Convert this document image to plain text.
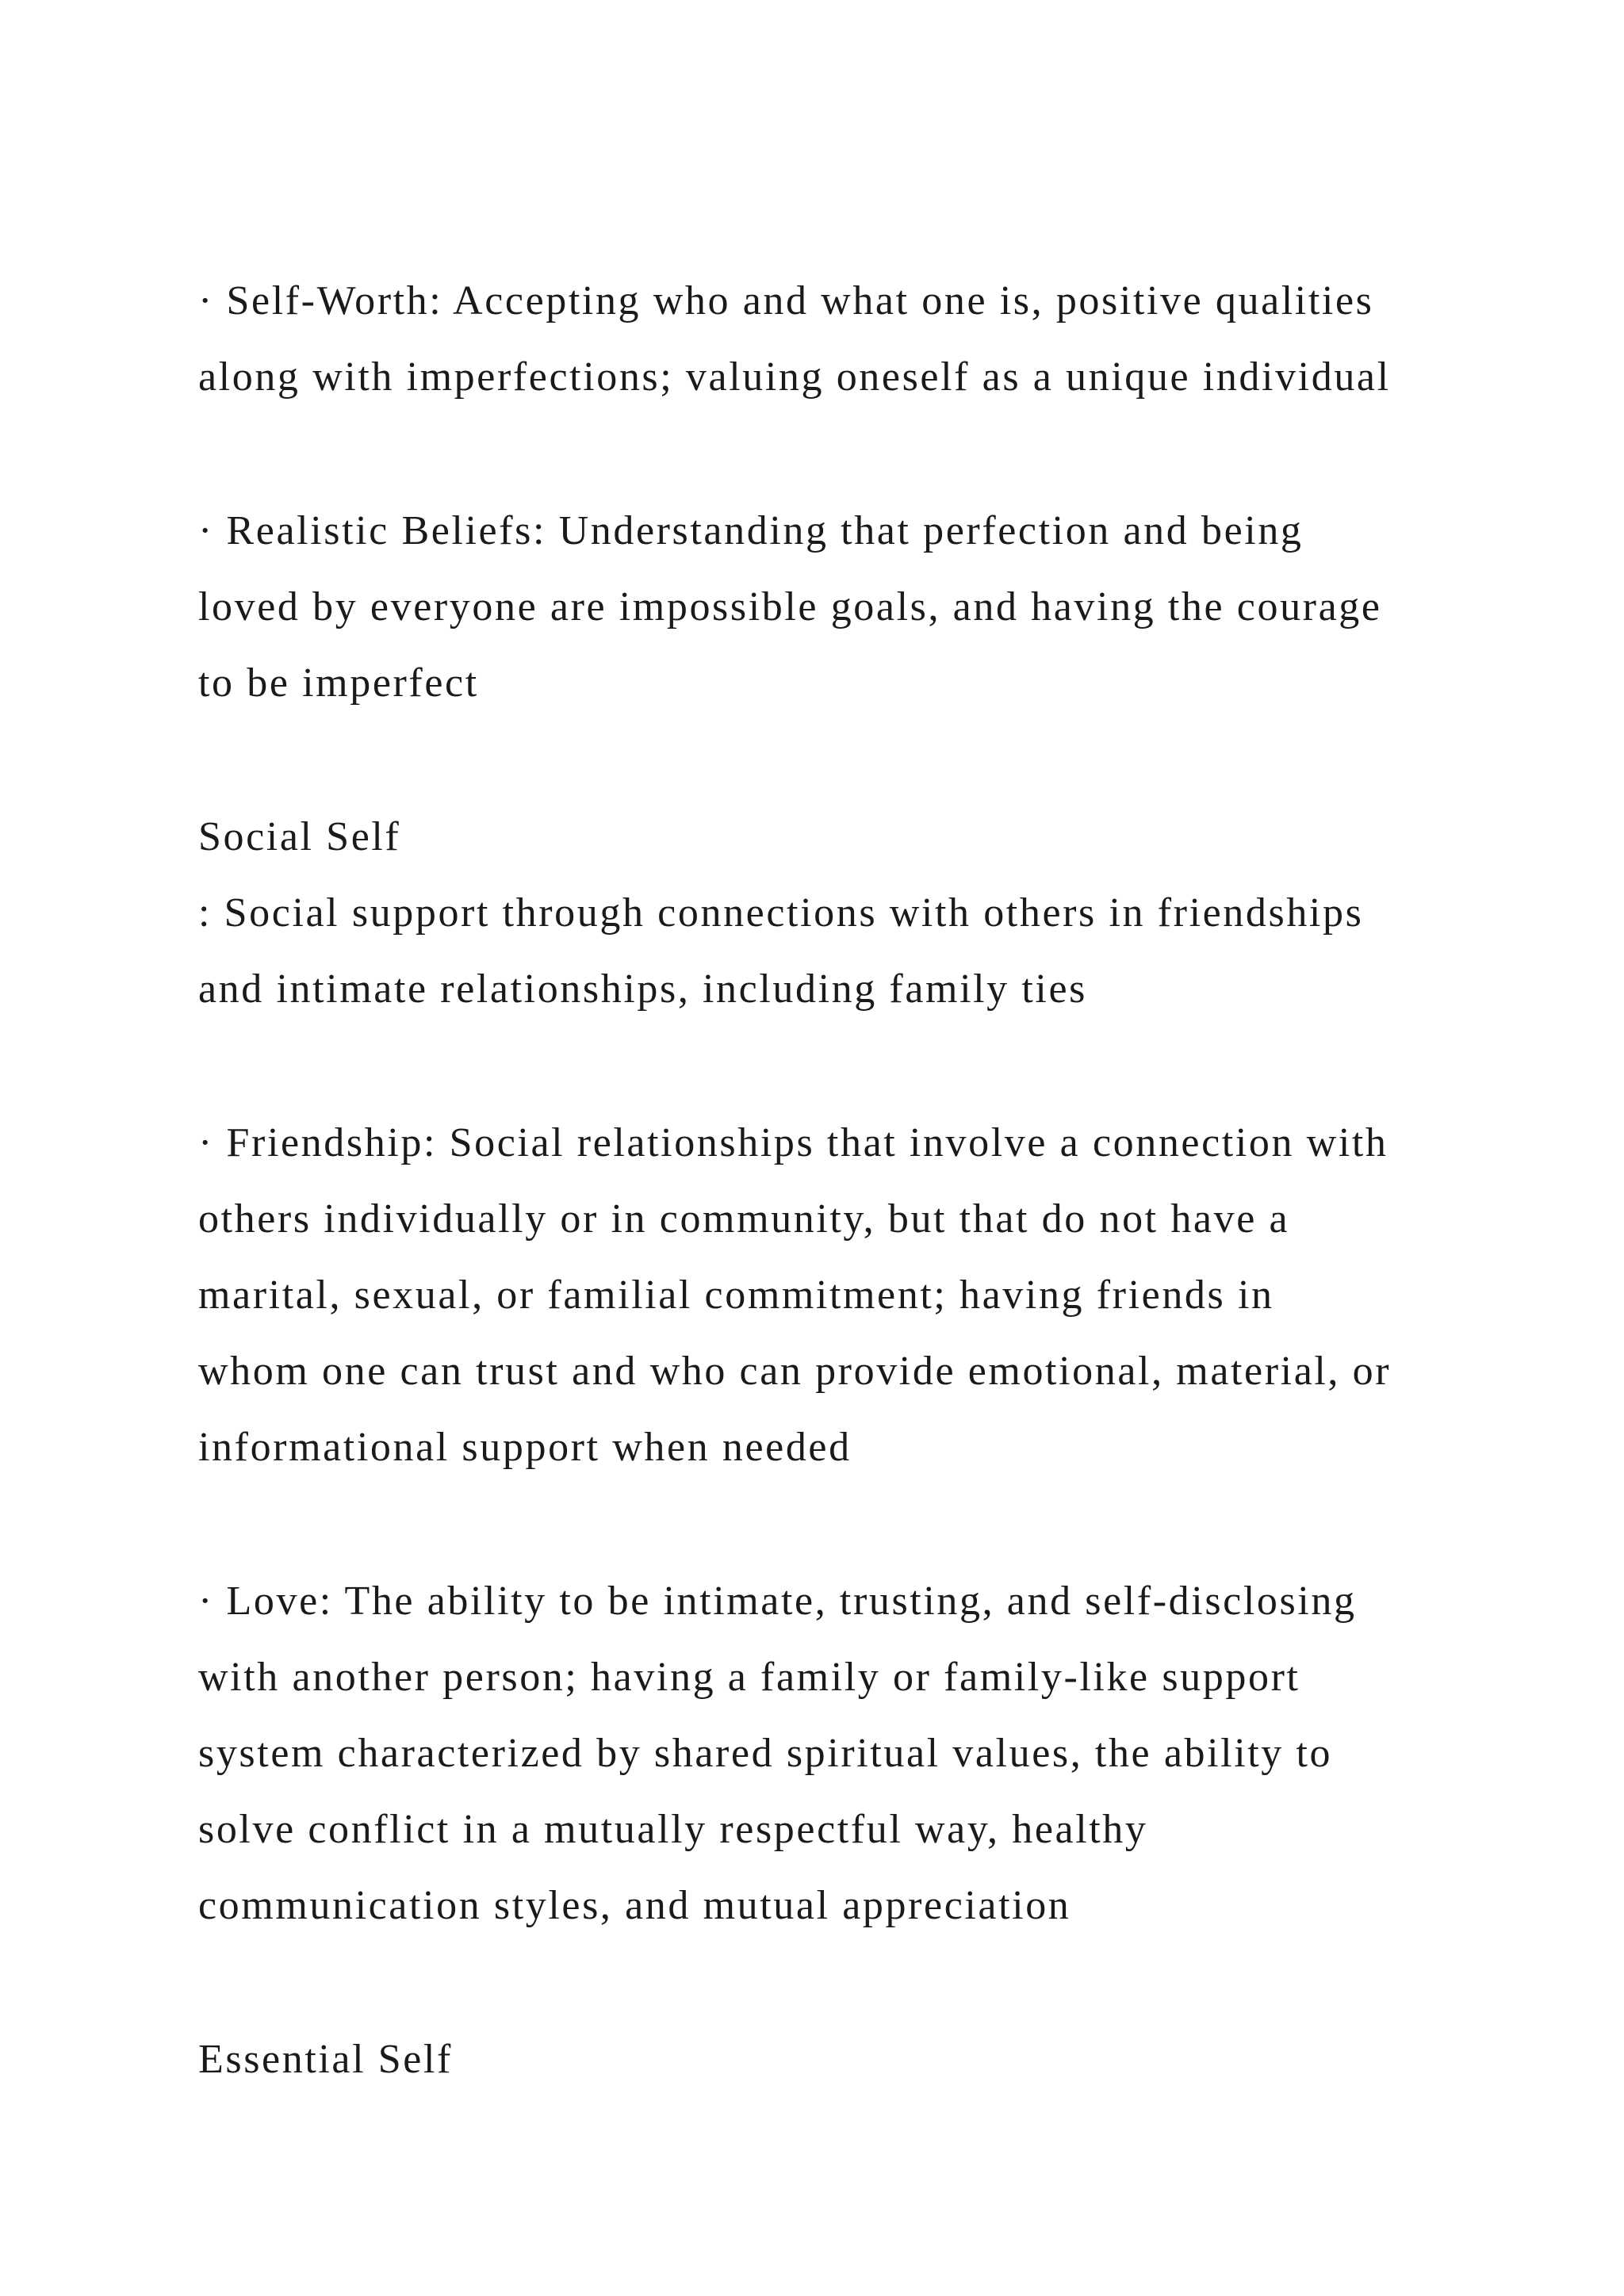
· Self-Worth: Accepting who and what one is, positive qualities
along with imperfections; valuing oneself as a unique individual
· Realistic Beliefs: Understanding that perfection and being
loved by everyone are impossible goals, and having the courage
to be imperfect
Social Self
: Social support through connections with others in friendships
and intimate relationships, including family ties
· Friendship: Social relationships that involve a connection with
others individually or in community, but that do not have a
marital, sexual, or familial commitment; having friends in
whom one can trust and who can provide emotional, material, or
informational support when needed
· Love: The ability to be intimate, trusting, and self-disclosing
with another person; having a family or family-like support
system characterized by shared spiritual values, the ability to
solve conflict in a mutually respectful way, healthy
communication styles, and mutual appreciation
Essential Self
